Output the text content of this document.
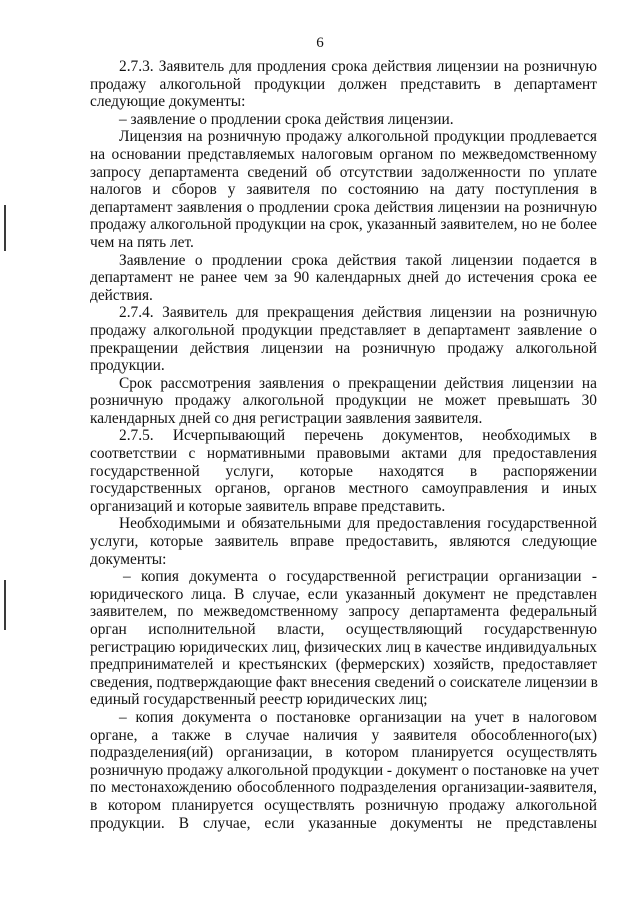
6
2.7.3. Заявитель для продления срока действия лицензии на розничную
продажу алкогольной продукции должен представить в департамент
следующие документы:
– заявление о продлении срока действия лицензии.
Лицензия на розничную продажу алкогольной продукции продлевается
на основании представляемых налоговым органом по межведомственному
запросу департамента сведений об отсутствии задолженности по уплате
налогов и сборов у заявителя по состоянию на дату поступления в
департамент заявления о продлении срока действия лицензии на розничную
продажу алкогольной продукции на срок, указанный заявителем, но не более
чем на пять лет.
Заявление о продлении срока действия такой лицензии подается в
департамент не ранее чем за 90 календарных дней до истечения срока ее
действия.
2.7.4. Заявитель для прекращения действия лицензии на розничную
продажу алкогольной продукции представляет в департамент заявление о
прекращении действия лицензии на розничную продажу алкогольной
продукции.
Срок рассмотрения заявления о прекращении действия лицензии на
розничную продажу алкогольной продукции не может превышать 30
календарных дней со дня регистрации заявления заявителя.
2.7.5. Исчерпывающий перечень документов, необходимых в
соответствии с нормативными правовыми актами для предоставления
государственной услуги, которые находятся в распоряжении
государственных органов, органов местного самоуправления и иных
организаций и которые заявитель вправе представить.
Необходимыми и обязательными для предоставления государственной
услуги, которые заявитель вправе предоставить, являются следующие
документы:
– копия документа о государственной регистрации организации -
юридического лица. В случае, если указанный документ не представлен
заявителем, по межведомственному запросу департамента федеральный
орган исполнительной власти, осуществляющий государственную
регистрацию юридических лиц, физических лиц в качестве индивидуальных
предпринимателей и крестьянских (фермерских) хозяйств, предоставляет
сведения, подтверждающие факт внесения сведений о соискателе лицензии в
единый государственный реестр юридических лиц;
– копия документа о постановке организации на учет в налоговом
органе, а также в случае наличия у заявителя обособленного(ых)
подразделения(ий) организации, в котором планируется осуществлять
розничную продажу алкогольной продукции - документ о постановке на учет
по местонахождению обособленного подразделения организации-заявителя,
в котором планируется осуществлять розничную продажу алкогольной
продукции. В случае, если указанные документы не представлены
